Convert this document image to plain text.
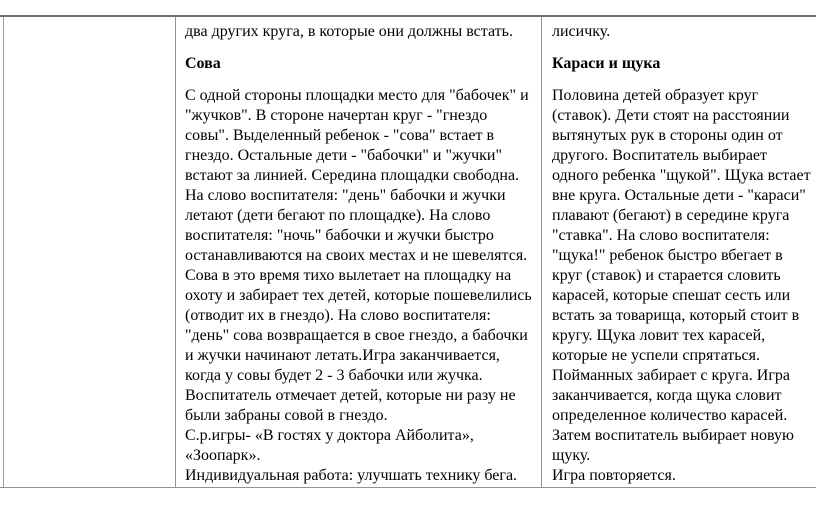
два других круга, в которые они должны встать.

Сова

С одной стороны площадки место для "бабочек" и "жучков". В стороне начертан круг - "гнездо совы". Выделенный ребенок - "сова" встает в гнездо. Остальные дети - "бабочки" и "жучки" встают за линией. Середина площадки свободна. На слово воспитателя: "день" бабочки и жучки летают (дети бегают по площадке). На слово воспитателя: "ночь" бабочки и жучки быстро останавливаются на своих местах и не шевелятся. Сова в это время тихо вылетает на площадку на охоту и забирает тех детей, которые пошевелились (отводит их в гнездо). На слово воспитателя: "день" сова возвращается в свое гнездо, а бабочки и жучки начинают летать.Игра заканчивается, когда у совы будет 2 - 3 бабочки или жучка. Воспитатель отмечает детей, которые ни разу не были забраны совой в гнездо.

С.р.игры- «В гостях у доктора Айболита», «Зоопарк».

Индивидуальная работа: улучшать технику бега.

лисичку.

Караси и щука

Половина детей образует круг (ставок). Дети стоят на расстоянии вытянутых рук в стороны один от другого. Воспитатель выбирает одного ребенка "щукой". Щука встает вне круга. Остальные дети - "караси" плавают (бегают) в середине круга "ставка". На слово воспитателя: "щука!" ребенок быстро вбегает в круг (ставок) и старается словить карасей, которые спешат сесть или встать за товарища, который стоит в кругу. Щука ловит тех карасей, которые не успели спрятаться. Пойманных забирает с круга. Игра заканчивается, когда щука словит определенное количество карасей. Затем воспитатель выбирает новую щуку.

Игра повторяется.
